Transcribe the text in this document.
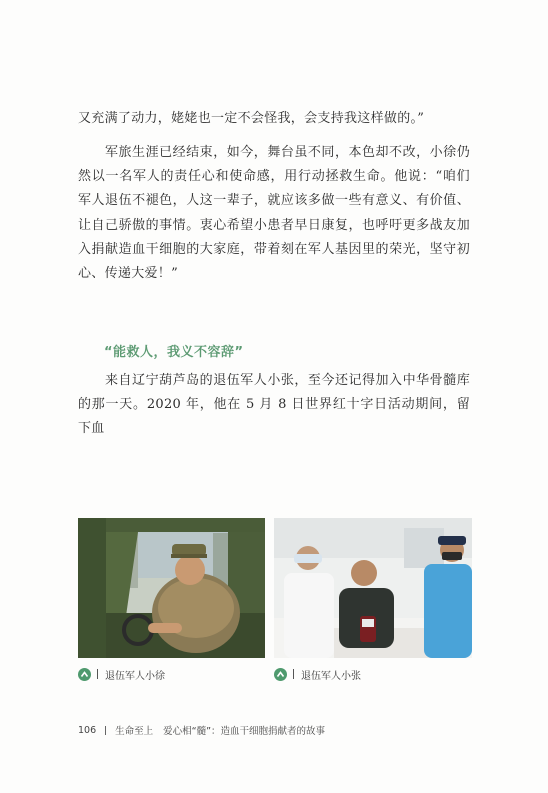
又充满了动力，姥姥也一定不会怪我，会支持我这样做的。”

军旅生涯已经结束，如今，舞台虽不同，本色却不改，小徐仍然以一名军人的责任心和使命感，用行动拯救生命。他说：“咱们军人退伍不褪色，人这一辈子，就应该多做一些有意义、有价值、让自己骄傲的事情。衷心希望小患者早日康复，也呼吁更多战友加入捐献造血干细胞的大家庭，带着刻在军人基因里的荣光，坚守初心、传递大爱！”

“能救人，我义不容辞”

来自辽宁葫芦岛的退伍军人小张，至今还记得加入中华骨髓库的那一天。2020 年，他在 5 月 8 日世界红十字日活动期间，留下血

退伍军人小徐	退伍军人小张
106 生命至上 爱心相“髓”：造血干细胞捐献者的故事
